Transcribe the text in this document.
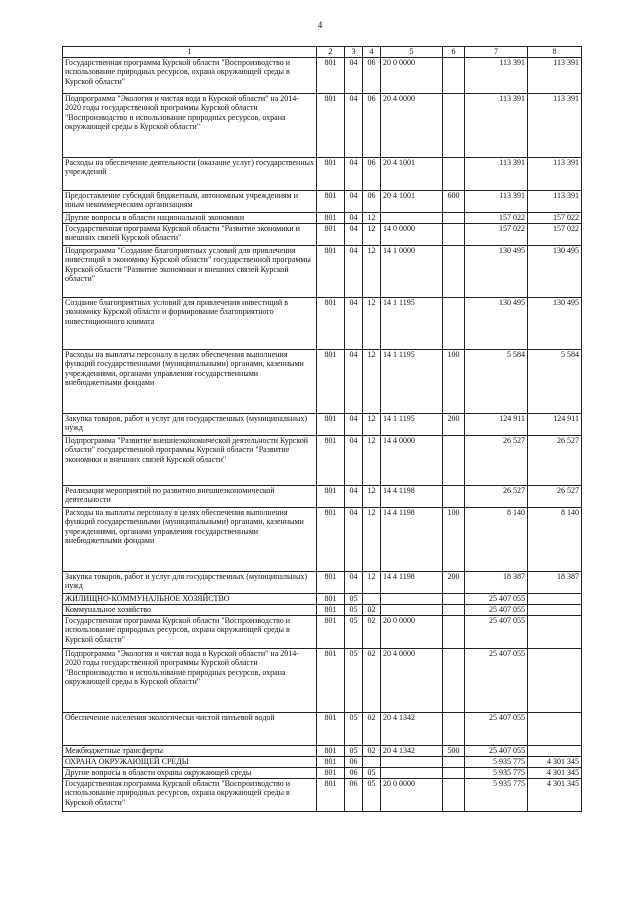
4
1	2	3	4	5	6	7	8
Государственная программа Курской области "Воспроизводство и использование природных ресурсов, охрана окружающей среды в Курской области"	801	04	06	20 0 0000		113 391	113 391
Подпрограмма "Экология и чистая вода в Курской области" на 2014-2020 годы государственной программы Курской области "Воспроизводство и использование природных ресурсов, охрана окружающей среды в Курской области"	801	04	06	20 4 0000		113 391	113 391
Расходы на обеспечение деятельности (оказание услуг) государственных учреждений	801	04	06	20 4 1001		113 391	113 391
Предоставление субсидий бюджетным, автономным учреждениям и иным некоммерческим организациям	801	04	06	20 4 1001	600	113 391	113 391
Другие вопросы в области национальной экономики	801	04	12			157 022	157 022
Государственная программа Курской области "Развитие экономики и внешних связей Курской области"	801	04	12	14 0 0000		157 022	157 022
Подпрограмма "Создание благоприятных условий для привлечения инвестиций в экономику Курской области" государственной программы Курской области "Развитие экономики и внешних связей Курской области"	801	04	12	14 1 0000		130 495	130 495
Создание благоприятных условий для привлечения инвестиций в экономику Курской области и формирование благоприятного инвестиционного климата	801	04	12	14 1 1195		130 495	130 495
Расходы на выплаты персоналу в целях обеспечения выполнения функций государственными (муниципальными) органами, казенными учреждениями, органами управления государственными внебюджетными фондами	801	04	12	14 1 1195	100	5 584	5 584
Закупка товаров, работ и услуг для государственных (муниципальных) нужд	801	04	12	14 1 1195	200	124 911	124 911
Подпрограмма "Развитие внешнеэкономической деятельности Курской области" государственной программы Курской области "Развитие экономики и внешних связей Курской области"	801	04	12	14 4 0000		26 527	26 527
Реализация мероприятий по развитию внешнеэкономической деятельности	801	04	12	14 4 1198		26 527	26 527
Расходы на выплаты персоналу в целях обеспечения выполнения функций государственными (муниципальными) органами, казенными учреждениями, органами управления государственными внебюджетными фондами	801	04	12	14 4 1198	100	8 140	8 140
Закупка товаров, работ и услуг для государственных (муниципальных) нужд	801	04	12	14 4 1198	200	18 387	18 387
ЖИЛИЩНО-КОММУНАЛЬНОЕ ХОЗЯЙСТВО	801	05				25 407 055	
Коммунальное хозяйство	801	05	02			25 407 055	
Государственная программа Курской области "Воспроизводство и использование природных ресурсов, охрана окружающей среды в Курской области"	801	05	02	20 0 0000		25 407 055	
Подпрограмма "Экология и чистая вода в Курской области" на 2014-2020 годы государственной программы Курской области "Воспроизводство и использование природных ресурсов, охрана окружающей среды в Курской области"	801	05	02	20 4 0000		25 407 055	
Обеспечение населения экологически чистой питьевой водой	801	05	02	20 4 1342		25 407 055	
Межбюджетные трансферты	801	05	02	20 4 1342	500	25 407 055	
ОХРАНА ОКРУЖАЮЩЕЙ СРЕДЫ	801	06				5 935 775	4 301 345
Другие вопросы в области охраны окружающей среды	801	06	05			5 935 775	4 301 345
Государственная программа Курской области "Воспроизводство и использование природных ресурсов, охрана окружающей среды в Курской области"	801	06	05	20 0 0000		5 935 775	4 301 345
